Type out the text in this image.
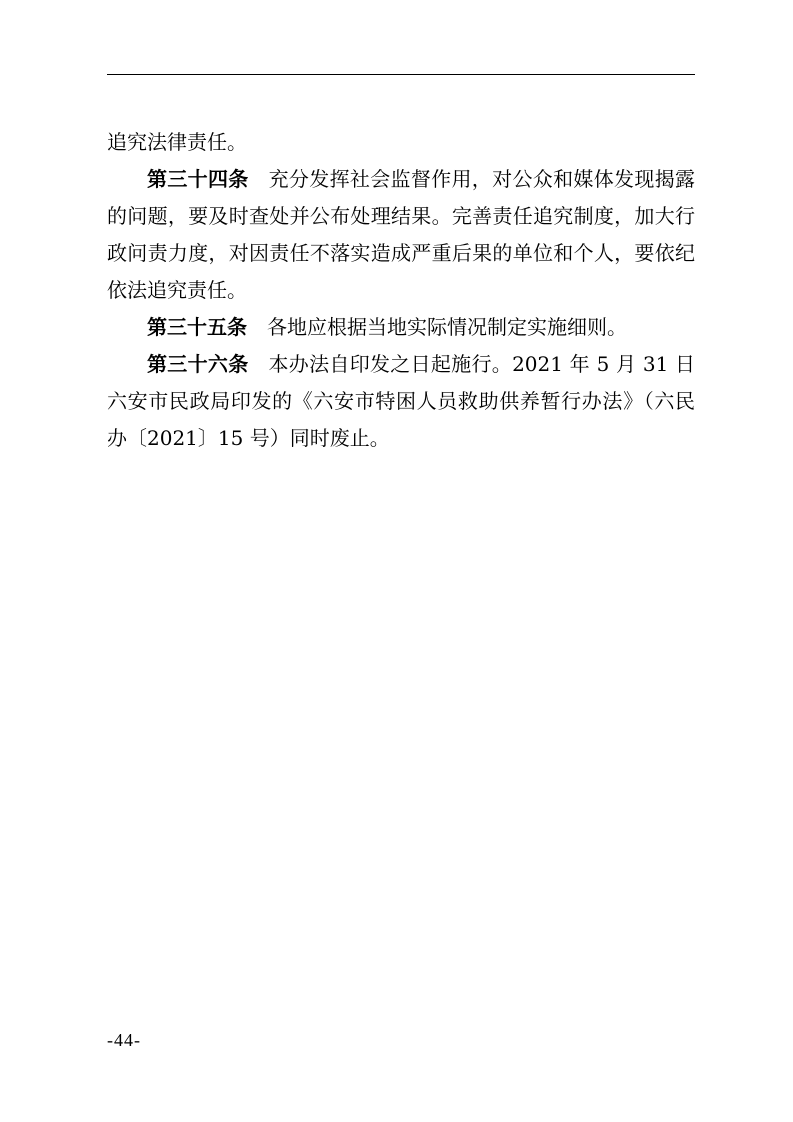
追究法律责任。

第三十四条 充分发挥社会监督作用，对公众和媒体发现揭露的问题，要及时查处并公布处理结果。完善责任追究制度，加大行政问责力度，对因责任不落实造成严重后果的单位和个人，要依纪依法追究责任。

第三十五条 各地应根据当地实际情况制定实施细则。

第三十六条 本办法自印发之日起施行。2021 年 5 月 31 日六安市民政局印发的《六安市特困人员救助供养暂行办法》（六民办〔2021〕15 号）同时废止。

-44-
